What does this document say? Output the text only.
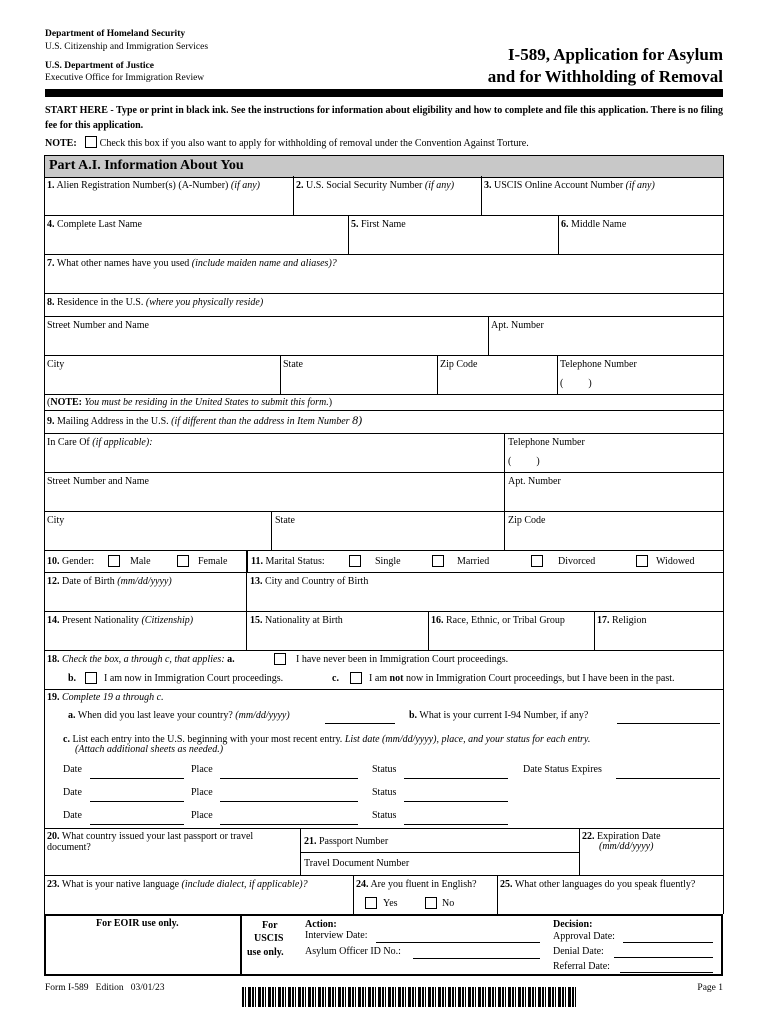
Department of Homeland Security
U.S. Citizenship and Immigration Services
U.S. Department of Justice
Executive Office for Immigration Review
I-589, Application for Asylum
and for Withholding of Removal
START HERE - Type or print in black ink. See the instructions for information about eligibility and how to complete and file this application. There is no filing fee for this application.
NOTE: Check this box if you also want to apply for withholding of removal under the Convention Against Torture.
Part A.I. Information About You
1. Alien Registration Number(s) (A-Number) (if any)	2. U.S. Social Security Number (if any)	3. USCIS Online Account Number (if any)
4. Complete Last Name	5. First Name	6. Middle Name
7. What other names have you used (include maiden name and aliases)?
8. Residence in the U.S. (where you physically reside)
Street Number and Name	Apt. Number
City	State	Zip Code	Telephone Number
(          )
(NOTE: You must be residing in the United States to submit this form.)
9. Mailing Address in the U.S. (if different than the address in Item Number 8)
In Care Of (if applicable):	Telephone Number
(          )
Street Number and Name	Apt. Number
City	State	Zip Code
10. Gender:	Male	Female 11. Marital Status:	Single	Married	Divorced	Widowed
12. Date of Birth (mm/dd/yyyy)	13. City and Country of Birth
14. Present Nationality (Citizenship)	15. Nationality at Birth	16. Race, Ethnic, or Tribal Group	17. Religion
18. Check the box, a through c, that applies: a.	I have never been in Immigration Court proceedings.
b.	I am now in Immigration Court proceedings.	c.	I am not now in Immigration Court proceedings, but I have been in the past.
19. Complete 19 a through c.
a. When did you last leave your country? (mm/dd/yyyy)	b. What is your current I-94 Number, if any?
c. List each entry into the U.S. beginning with your most recent entry. List date (mm/dd/yyyy), place, and your status for each entry.
(Attach additional sheets as needed.)
Date	Place	Status	Date Status Expires
Date	Place	Status
Date	Place	Status
20. What country issued your last passport or travel document?
21. Passport Number
Travel Document Number
22. Expiration Date
(mm/dd/yyyy)
23. What is your native language (include dialect, if applicable)?	24. Are you fluent in English?
Yes	No
25. What other languages do you speak fluently?
For EOIR use only.	For
USCIS
use only.
Action:
Interview Date:
Asylum Officer ID No.:
Decision:
Approval Date:
Denial Date:
Referral Date:
Form I-589   Edition   03/01/23	Page 1
